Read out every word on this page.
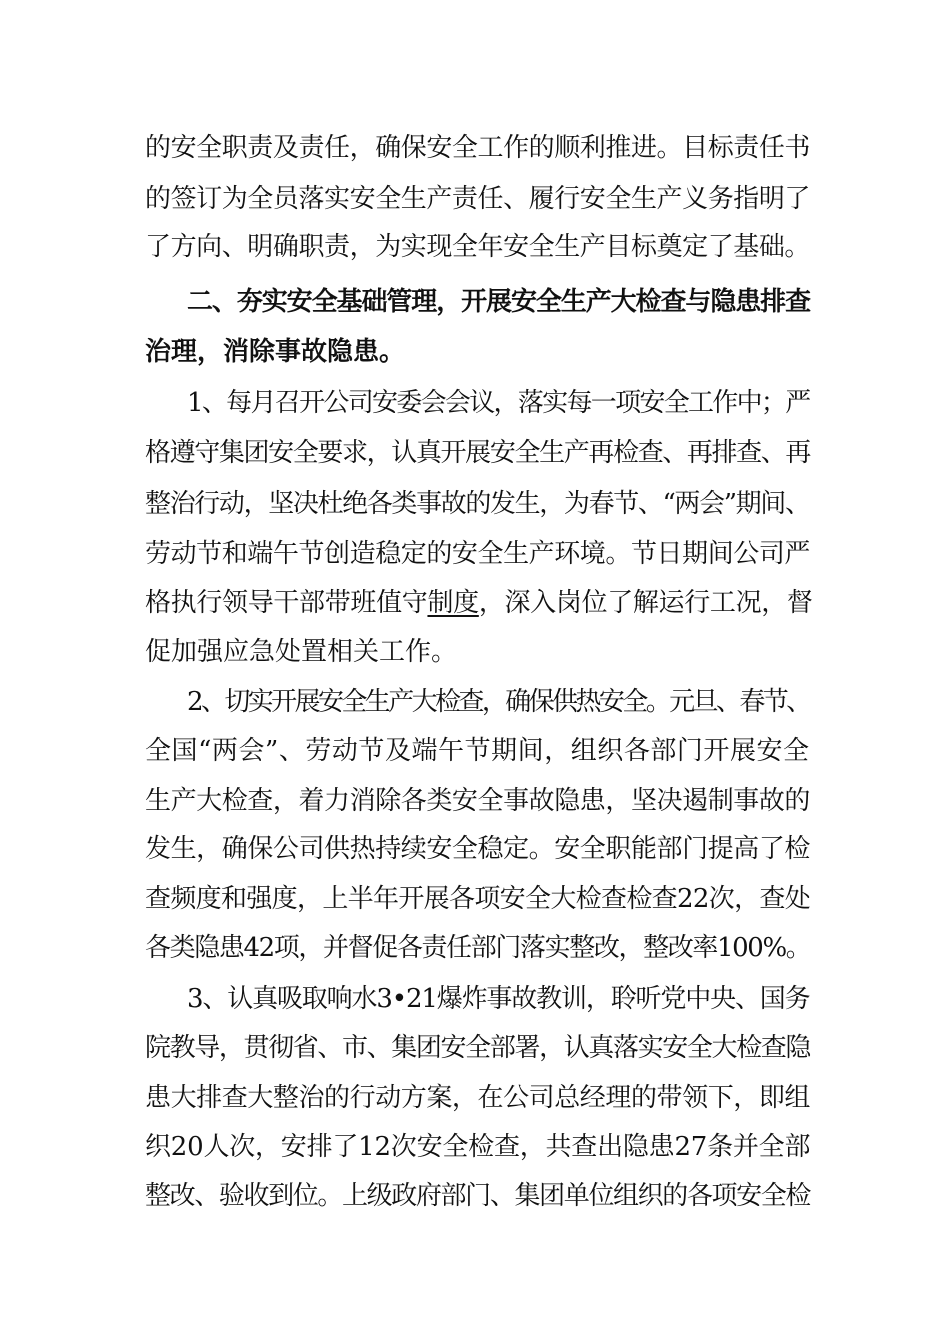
的安全职责及责任，确保安全工作的顺利推进。目标责任书
的签订为全员落实安全生产责任、履行安全生产义务指明了
了方向、明确职责，为实现全年安全生产目标奠定了基础。
二、夯实安全基础管理，开展安全生产大检查与隐患排查
治理，消除事故隐患。
1、每月召开公司安委会会议，落实每一项安全工作中；严
格遵守集团安全要求，认真开展安全生产再检查、再排查、再
整治行动，坚决杜绝各类事故的发生，为春节、“两会”期间、
劳动节和端午节创造稳定的安全生产环境。节日期间公司严
格执行领导干部带班值守制度，深入岗位了解运行工况，督
促加强应急处置相关工作。
2、切实开展安全生产大检查，确保供热安全。元旦、春节、
全国“两会”、劳动节及端午节期间，组织各部门开展安全
生产大检查，着力消除各类安全事故隐患，坚决遏制事故的
发生，确保公司供热持续安全稳定。安全职能部门提高了检
查频度和强度，上半年开展各项安全大检查检查22次，查处
各类隐患42项，并督促各责任部门落实整改，整改率100%。
3、认真吸取响水3•21爆炸事故教训，聆听党中央、国务
院教导，贯彻省、市、集团安全部署，认真落实安全大检查隐
患大排查大整治的行动方案，在公司总经理的带领下，即组
织20人次，安排了12次安全检查，共查出隐患27条并全部
整改、验收到位。上级政府部门、集团单位组织的各项安全检
